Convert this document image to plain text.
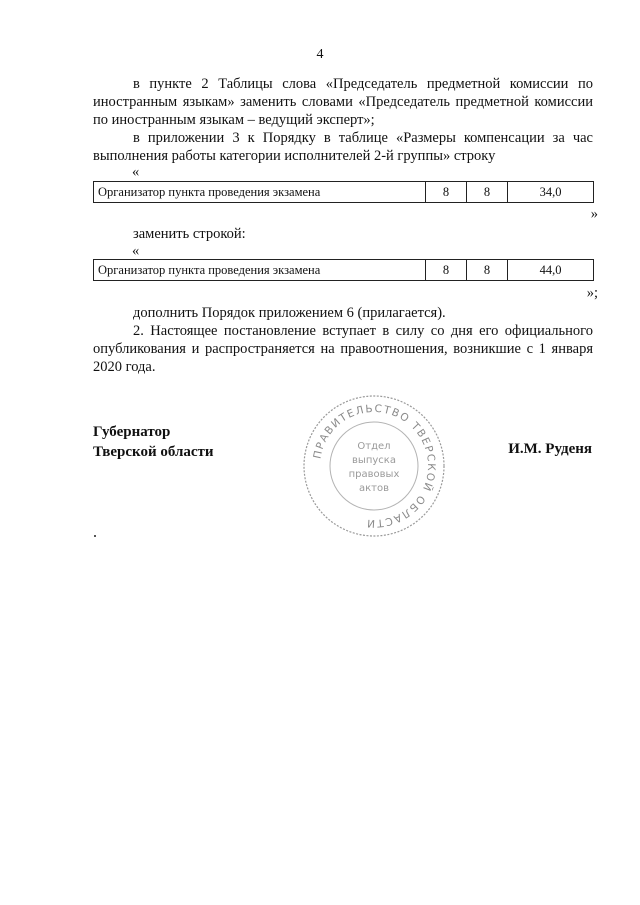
4
в пункте 2 Таблицы слова «Председатель предметной комиссии по иностранным языкам» заменить словами «Председатель предметной комиссии по иностранным языкам – ведущий эксперт»;
в приложении 3 к Порядку в таблице «Размеры компенсации за час выполнения работы категории исполнителей 2-й группы» строку
«
Организатор пункта проведения экзамена	8	8	34,0
»
заменить строкой:
«
Организатор пункта проведения экзамена	8	8	44,0
»;
дополнить Порядок приложением 6 (прилагается).
2. Настоящее постановление вступает в силу со дня его официального опубликования и распространяется на правоотношения, возникшие с 1 января 2020 года.
Губернатор
Тверской области	И.М. Руденя
ПРАВИТЕЛЬСТВО ТВЕРСКОЙ ОБЛАСТИ
Отдел
выпуска
правовых
актов
